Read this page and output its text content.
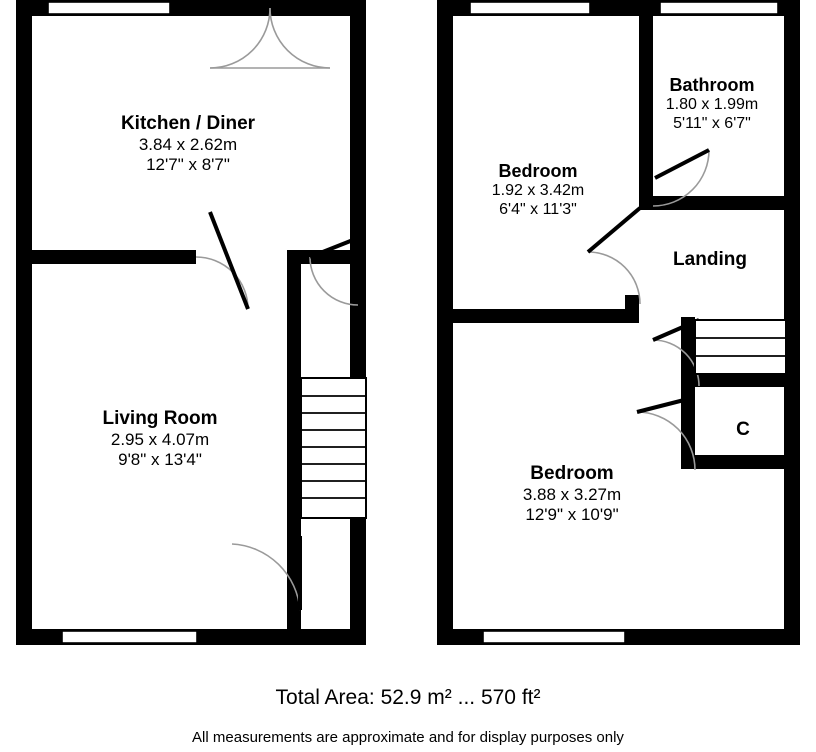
Kitchen / Diner
3.84 x 2.62m
12'7" x 8'7"
Living Room
2.95 x 4.07m
9'8" x 13'4"
Bathroom
1.80 x 1.99m
5'11" x 6'7"
Bedroom
1.92 x 3.42m
6'4" x 11'3"
Bedroom
3.88 x 3.27m
12'9" x 10'9"
Landing
C
Total Area: 52.9 m² ... 570 ft²
All measurements are approximate and for display purposes only
